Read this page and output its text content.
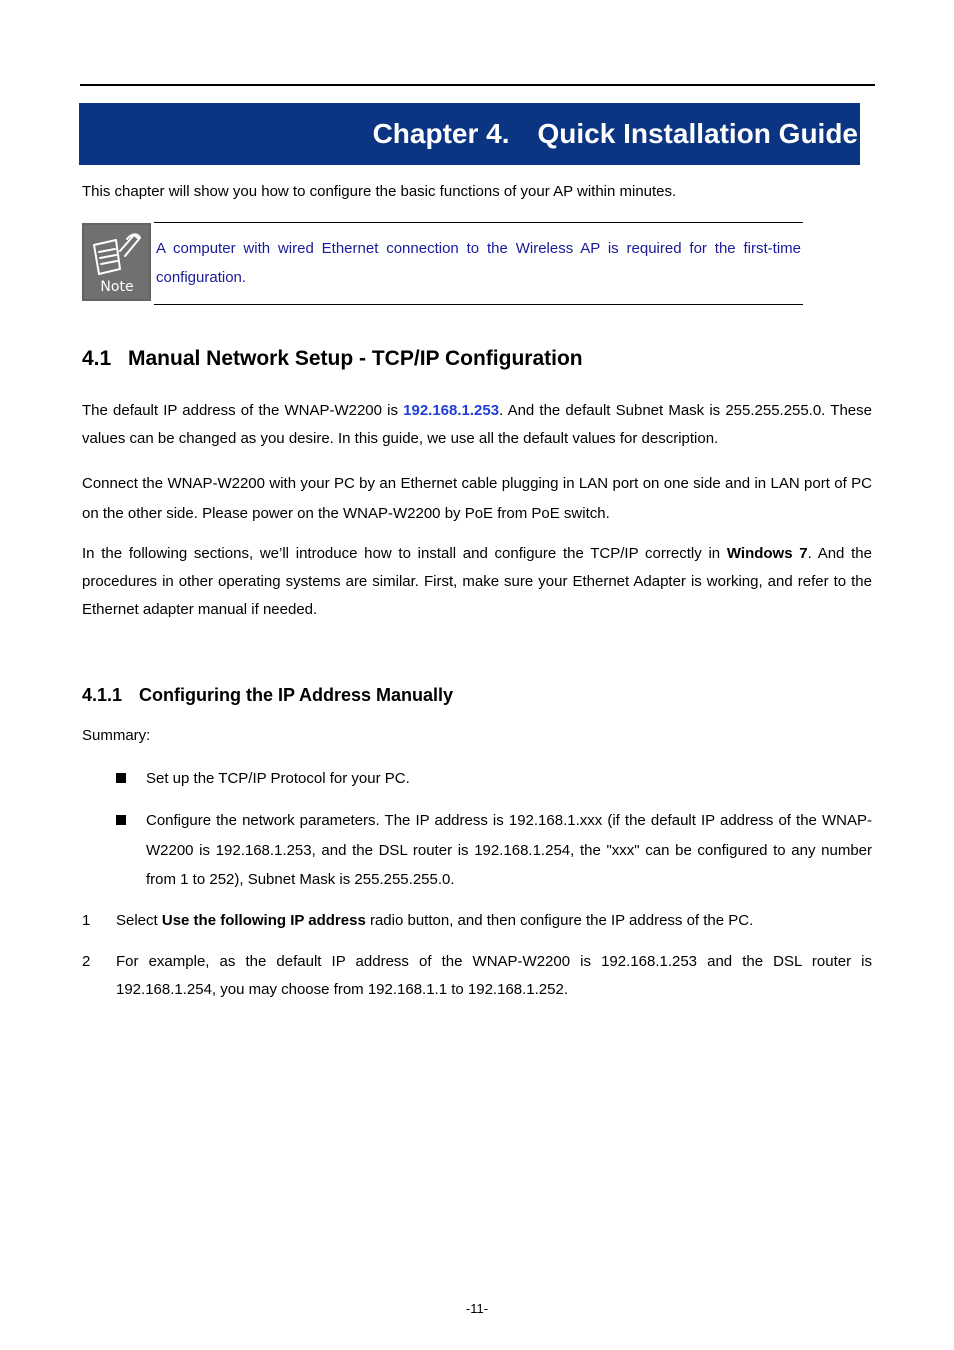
Chapter 4. Quick Installation Guide
This chapter will show you how to configure the basic functions of your AP within minutes.
Note
A computer with wired Ethernet connection to the Wireless AP is required for the first-time configuration.
4.1 Manual Network Setup - TCP/IP Configuration
The default IP address of the WNAP-W2200 is 192.168.1.253. And the default Subnet Mask is 255.255.255.0. These values can be changed as you desire. In this guide, we use all the default values for description.
Connect the WNAP-W2200 with your PC by an Ethernet cable plugging in LAN port on one side and in LAN port of PC on the other side. Please power on the WNAP-W2200 by PoE from PoE switch.
In the following sections, we’ll introduce how to install and configure the TCP/IP correctly in Windows 7. And the procedures in other operating systems are similar. First, make sure your Ethernet Adapter is working, and refer to the Ethernet adapter manual if needed.
4.1.1 Configuring the IP Address Manually
Summary:
Set up the TCP/IP Protocol for your PC.
Configure the network parameters. The IP address is 192.168.1.xxx (if the default IP address of the WNAP-W2200 is 192.168.1.253, and the DSL router is 192.168.1.254, the "xxx" can be configured to any number from 1 to 252), Subnet Mask is 255.255.255.0.
1 Select Use the following IP address radio button, and then configure the IP address of the PC.
2 For example, as the default IP address of the WNAP-W2200 is 192.168.1.253 and the DSL router is 192.168.1.254, you may choose from 192.168.1.1 to 192.168.1.252.
-11-
